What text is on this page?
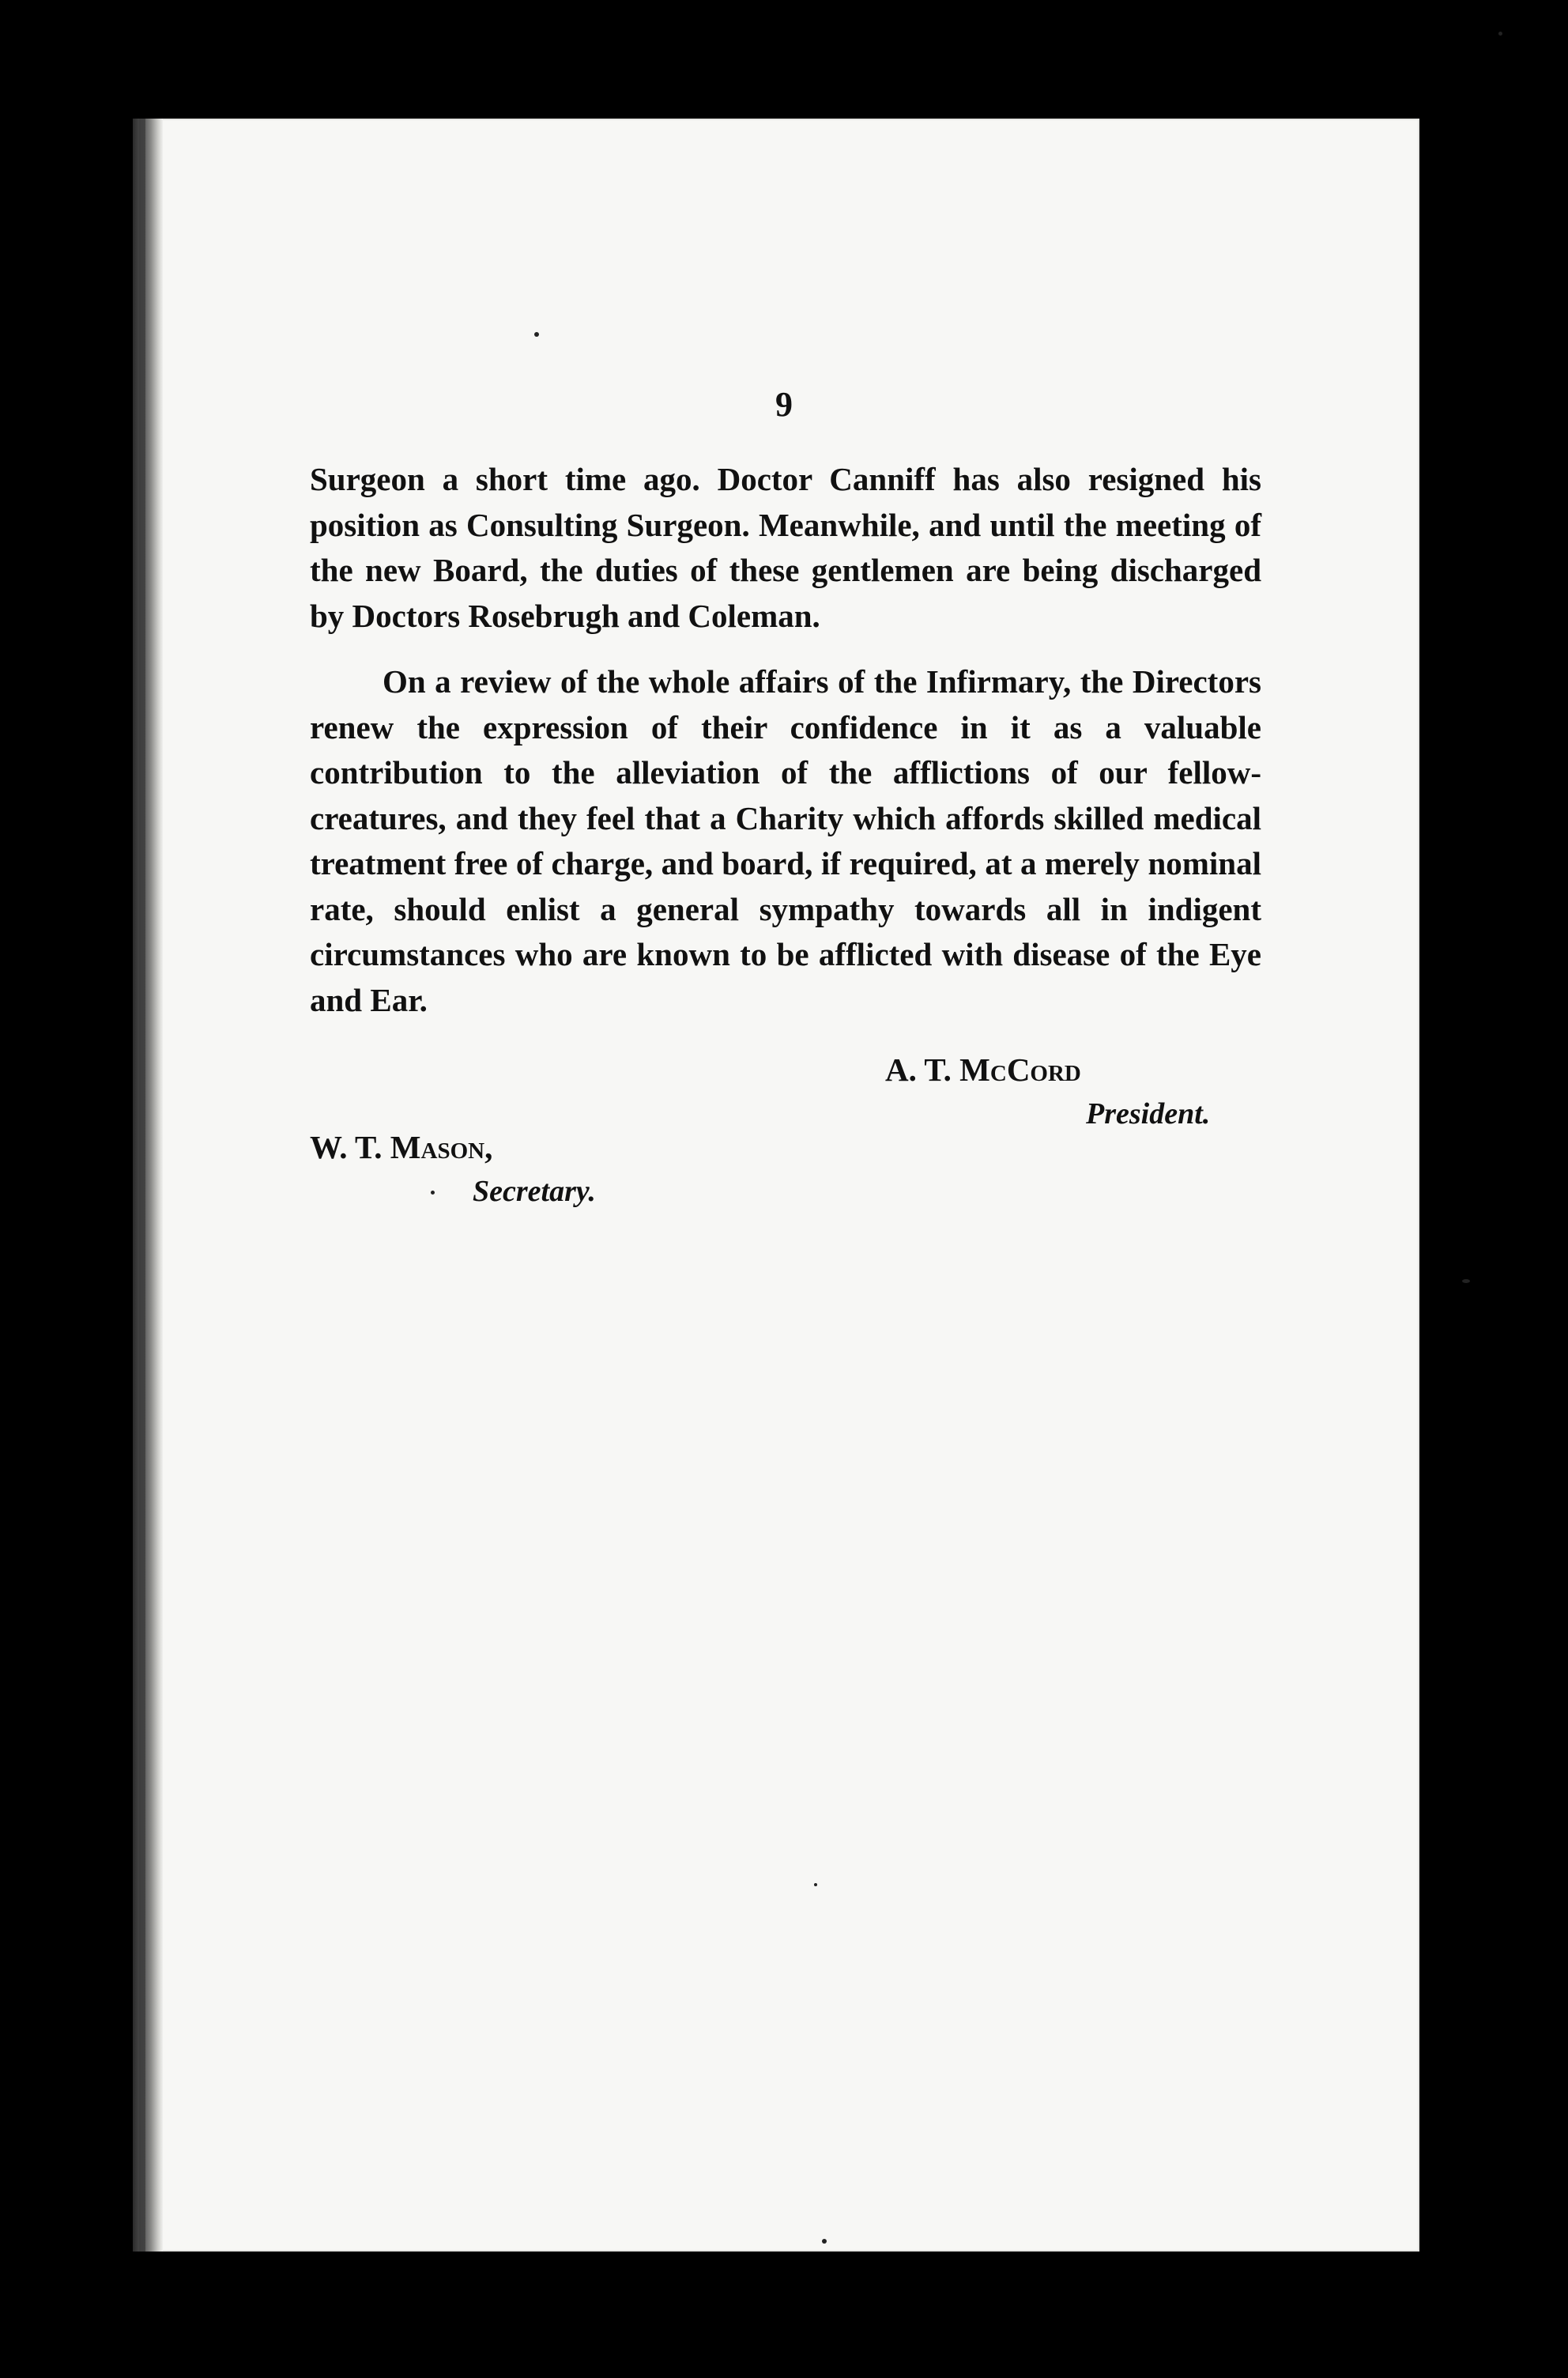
9
Surgeon a short time ago. Doctor Canniff has also resigned his position as Consulting Surgeon. Meanwhile, and until the meeting of the new Board, the duties of these gentlemen are being discharged by Doctors Rosebrugh and Coleman.
On a review of the whole affairs of the Infirmary, the Directors renew the expression of their confidence in it as a valuable contribution to the alleviation of the afflictions of our fellow-creatures, and they feel that a Charity which affords skilled medical treatment free of charge, and board, if required, at a merely nominal rate, should enlist a general sympathy towards all in indigent circumstances who are known to be afflicted with disease of the Eye and Ear.
A. T. McCord
President.
W. T. Mason,
Secretary.
